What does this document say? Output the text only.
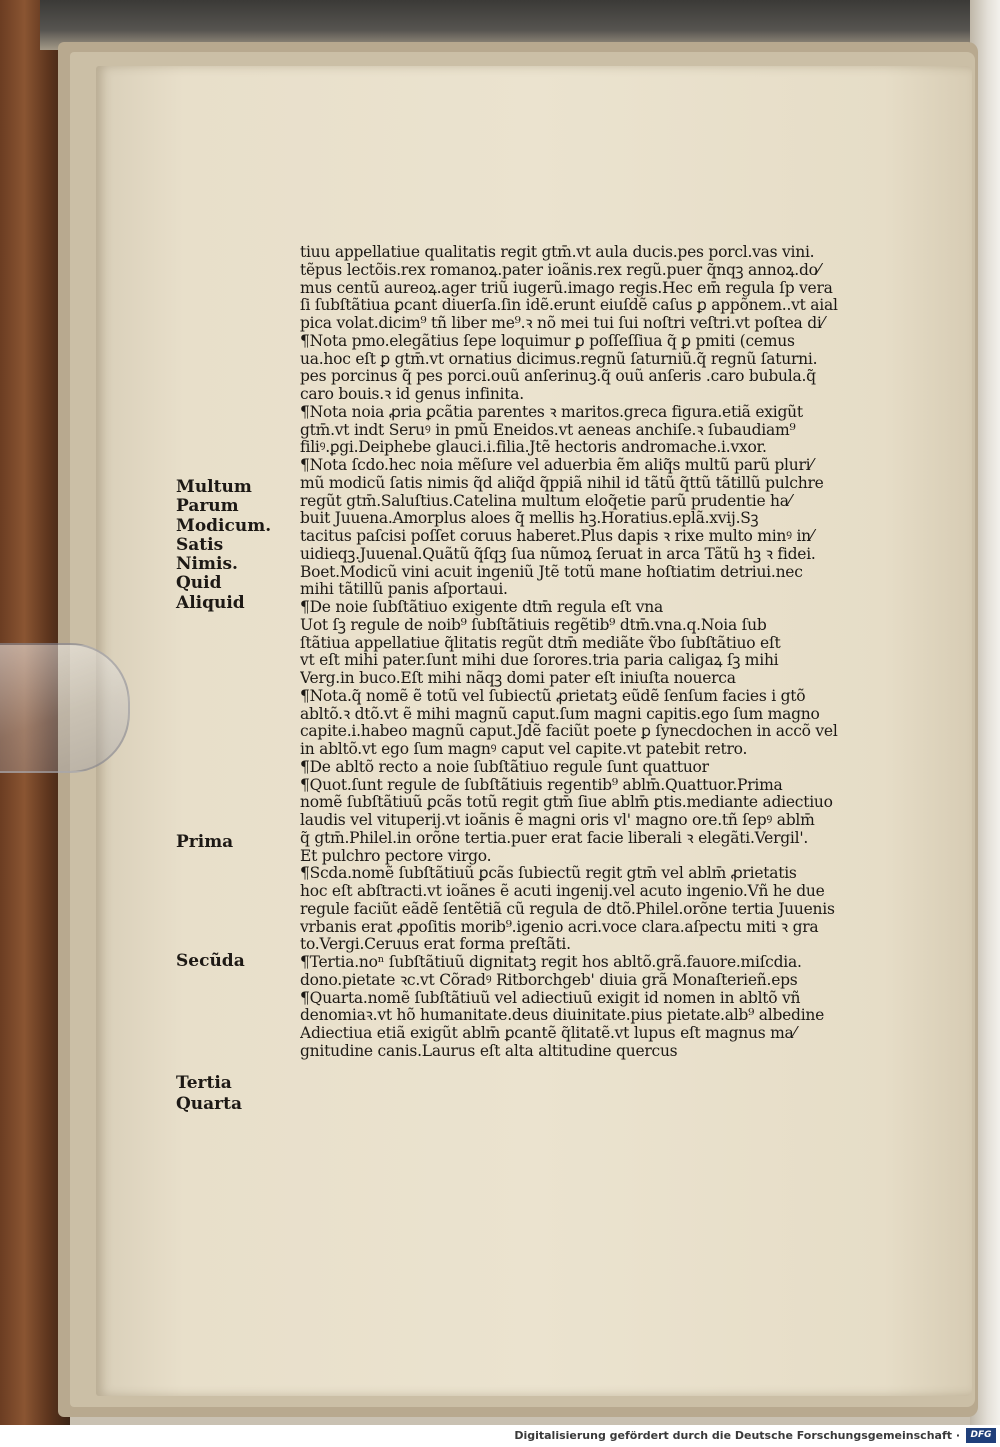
tiuu appellatiue qualitatis regit gtm̄.vt aula ducis.pes porcl.vas vini.
tẽpus lectõis.rex romanoꝝ.pater ioãnis.rex regũ.puer q̃nqꝫ annoꝝ.do⁄
mus centũ aureoꝝ.ager triũ iugerũ.imago regis.Hec em̄ regula ſp vera
ſi ſubſtãtiua ꝑcant diuerſa.ſin idẽ.erunt eiuſdẽ caſus ꝑ appõnem..vt aial
pica volat.dicim⁹ tñ liber me⁹.ꝛ nõ mei tui ſui noſtri veſtri.vt poſtea di⁄
¶Nota pmo.elegãtius ſepe loquimur ꝑ poſſeſſiua q̃ ꝑ pmiti (cemus
ua.hoc eſt ꝑ gtm̄.vt ornatius dicimus.regnũ ſaturniũ.q̃ regnũ ſaturni.
pes porcinus q̃ pes porci.ouũ anſerinuꝫ.q̃ ouũ anſeris .caro bubula.q̃
caro bouis.ꝛ id genus infinita.
¶Nota noia ꝓria ꝑcãtia parentes ꝛ maritos.greca figura.etiã exigũt
gtm̄.vt indt Seruꝰ in pmũ Eneidos.vt aeneas anchiſe.ꝛ ſubaudiam⁹
filiꝰ.ꝑgi.Deiphebe glauci.i.filia.Jtẽ hectoris andromache.i.vxor.
¶Nota ſcdo.hec noia mẽſure vel aduerbia ẽm aliq̃s multũ parũ pluri⁄
mũ modicũ ſatis nimis q̃d aliq̃d q̃ppiã nihil id tãtũ q̃ttũ tãtillũ pulchre
regũt gtm̄.Saluſtius.Catelina multum eloq̃etie parũ prudentie ha⁄
buit Juuena.Amorplus aloes q̃ mellis hꝫ.Horatius.eplã.xvij.Sꝫ
tacitus paſcisi poſſet coruus haberet.Plus dapis ꝛ rixe multo minꝰ in⁄
uidieqꝫ.Juuenal.Quãtũ q̃ſqꝫ ſua nũmoꝝ ſeruat in arca Tãtũ hꝫ ꝛ fidei.
Boet.Modicũ vini acuit ingeniũ Jtẽ totũ mane hoſtiatim detriui.nec
mihi tãtillũ panis aſportaui.
¶De noie ſubſtãtiuo exigente dtm̄ regula eſt vna
Uot ſꝫ regule de noib⁹ ſubſtãtiuis regẽtib⁹ dtm̄.vna.q.Noia ſub
ſtãtiua appellatiue q̃litatis regũt dtm̄ mediãte ṽbo ſubſtãtiuo eſt
vt eſt mihi pater.ſunt mihi due ſorores.tria paria caligaꝝ ſꝫ mihi
Verg.in buco.Eſt mihi nãqꝫ domi pater eſt iniuſta nouerca
¶Nota.q̃ nomẽ ẽ totũ vel ſubiectũ ꝓrietatꝫ eũdẽ ſenſum facies i gtõ
abltõ.ꝛ dtõ.vt ẽ mihi magnũ caput.ſum magni capitis.ego ſum magno
capite.i.habeo magnũ caput.Jdẽ faciũt poete ꝑ ſynecdochen in accõ vel
in abltõ.vt ego ſum magnꝰ caput vel capite.vt patebit retro.
¶De abltõ recto a noie ſubſtãtiuo regule ſunt quattuor
¶Quot.ſunt regule de ſubſtãtiuis regentib⁹ ablm̄.Quattuor.Prima
nomẽ ſubſtãtiuũ ꝑcãs totũ regit gtm̄ ſiue ablm̄ ꝑtis.mediante adiectiuo
laudis vel vituperij.vt ioãnis ẽ magni oris vl' magno ore.tñ ſepꝰ ablm̄
q̃ gtm̄.Philel.in orõne tertia.puer erat facie liberali ꝛ elegãti.Vergil'.
Et pulchro pectore virgo.
¶Scda.nomẽ ſubſtãtiuũ ꝑcãs ſubiectũ regit gtm̄ vel ablm̄ ꝓrietatis
hoc eſt abſtracti.vt ioãnes ẽ acuti ingenij.vel acuto ingenio.Vñ he due
regule faciũt eãdẽ ſentẽtiã cũ regula de dtõ.Philel.orõne tertia Juuenis
vrbanis erat ꝓpoſitis morib⁹.igenio acri.voce clara.aſpectu miti ꝛ gra
to.Vergi.Ceruus erat forma preſtãti.
¶Tertia.noⁿ ſubſtãtiuũ dignitatꝫ regit hos abltõ.grã.fauore.miſcdia.
dono.pietate ꝛc.vt Cõradꝰ Ritborchgeb' diuia grã Monaſterieñ.eps
¶Quarta.nomẽ ſubſtãtiuũ vel adiectiuũ exigit id nomen in abltõ vñ
denomiaꝛ.vt hõ humanitate.deus diuinitate.pius pietate.alb⁹ albedine
Adiectiua etiã exigũt ablm̄ ꝑcantẽ q̃litatẽ.vt lupus eſt magnus ma⁄
gnitudine canis.Laurus eſt alta altitudine quercus
Multum
Parum
Modicum.
Satis
Nimis.
Quid
Aliquid
Prima
Secũda
Tertia
Quarta
Digitalisierung gefördert durch die Deutsche Forschungsgemeinschaft ·	DFG
